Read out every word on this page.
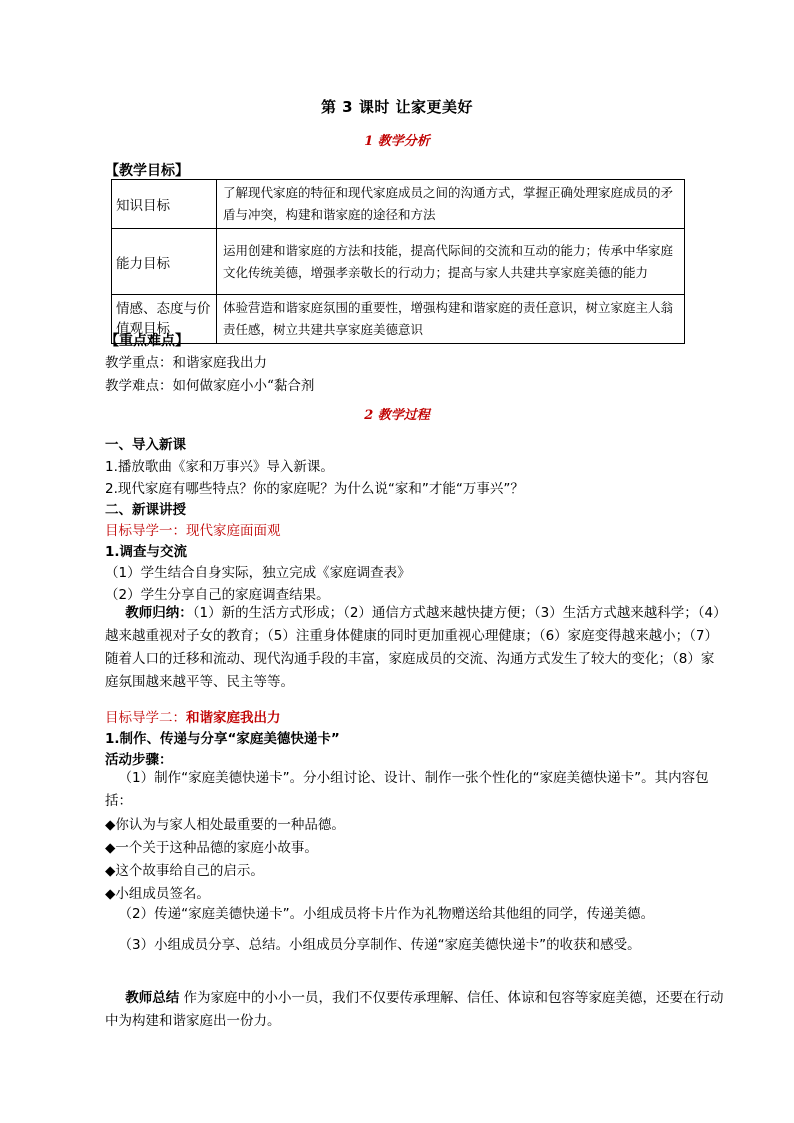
第 3 课时 让家更美好
1 教学分析
【教学目标】
知识目标	了解现代家庭的特征和现代家庭成员之间的沟通方式，掌握正确处理家庭成员的矛盾与冲突，构建和谐家庭的途径和方法
能力目标	运用创建和谐家庭的方法和技能，提高代际间的交流和互动的能力；传承中华家庭文化传统美德，增强孝亲敬长的行动力；提高与家人共建共享家庭美德的能力
情感、态度与价值观目标	体验营造和谐家庭氛围的重要性，增强构建和谐家庭的责任意识，树立家庭主人翁责任感，树立共建共享家庭美德意识
【重点难点】
教学重点：和谐家庭我出力
教学难点：如何做家庭小小“黏合剂
2 教学过程
一、导入新课
1.播放歌曲《家和万事兴》导入新课。
2.现代家庭有哪些特点？你的家庭呢？为什么说“家和”才能“万事兴”？
二、新课讲授
目标导学一：现代家庭面面观
1.调查与交流
（1）学生结合自身实际，独立完成《家庭调查表》
（2）学生分享自己的家庭调查结果。
教师归纳：（1）新的生活方式形成；（2）通信方式越来越快捷方便；（3）生活方式越来越科学；（4）越来越重视对子女的教育；（5）注重身体健康的同时更加重视心理健康；（6）家庭变得越来越小；（7）随着人口的迁移和流动、现代沟通手段的丰富，家庭成员的交流、沟通方式发生了较大的变化；（8）家庭氛围越来越平等、民主等等。
目标导学二：和谐家庭我出力
1.制作、传递与分享“家庭美德快递卡”
活动步骤：
（1）制作“家庭美德快递卡”。分小组讨论、设计、制作一张个性化的“家庭美德快递卡”。其内容包括：
◆你认为与家人相处最重要的一种品德。
◆一个关于这种品德的家庭小故事。
◆这个故事给自己的启示。
◆小组成员签名。
（2）传递“家庭美德快递卡”。小组成员将卡片作为礼物赠送给其他组的同学，传递美德。
（3）小组成员分享、总结。小组成员分享制作、传递“家庭美德快递卡”的收获和感受。
教师总结 作为家庭中的小小一员，我们不仅要传承理解、信任、体谅和包容等家庭美德，还要在行动中为构建和谐家庭出一份力。
